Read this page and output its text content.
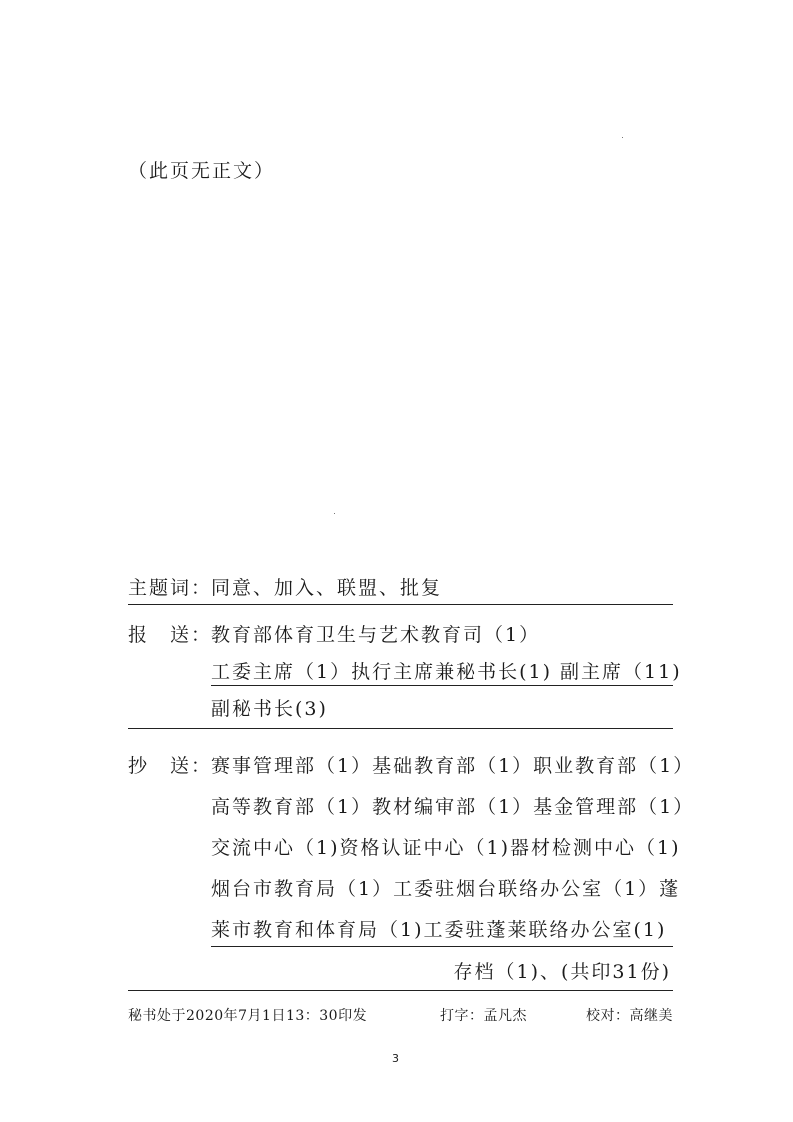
（此页无正文）
主题词：
同意、加入、联盟、批复
报　送：
教育部体育卫生与艺术教育司（1）
工委主席（1）执行主席兼秘书长(1) 副主席（11)
副秘书长(3)
抄　送：
赛事管理部（1）基础教育部（1）职业教育部（1）
高等教育部（1）教材编审部（1）基金管理部（1）
交流中心（1)资格认证中心（1)器材检测中心（1)
烟台市教育局（1）工委驻烟台联络办公室（1）蓬
莱市教育和体育局（1)工委驻蓬莱联络办公室(1)
存档（1)、(共印31份)
秘书处于2020年7月1日13：30印发	打字：孟凡杰	校对：高继美
3
